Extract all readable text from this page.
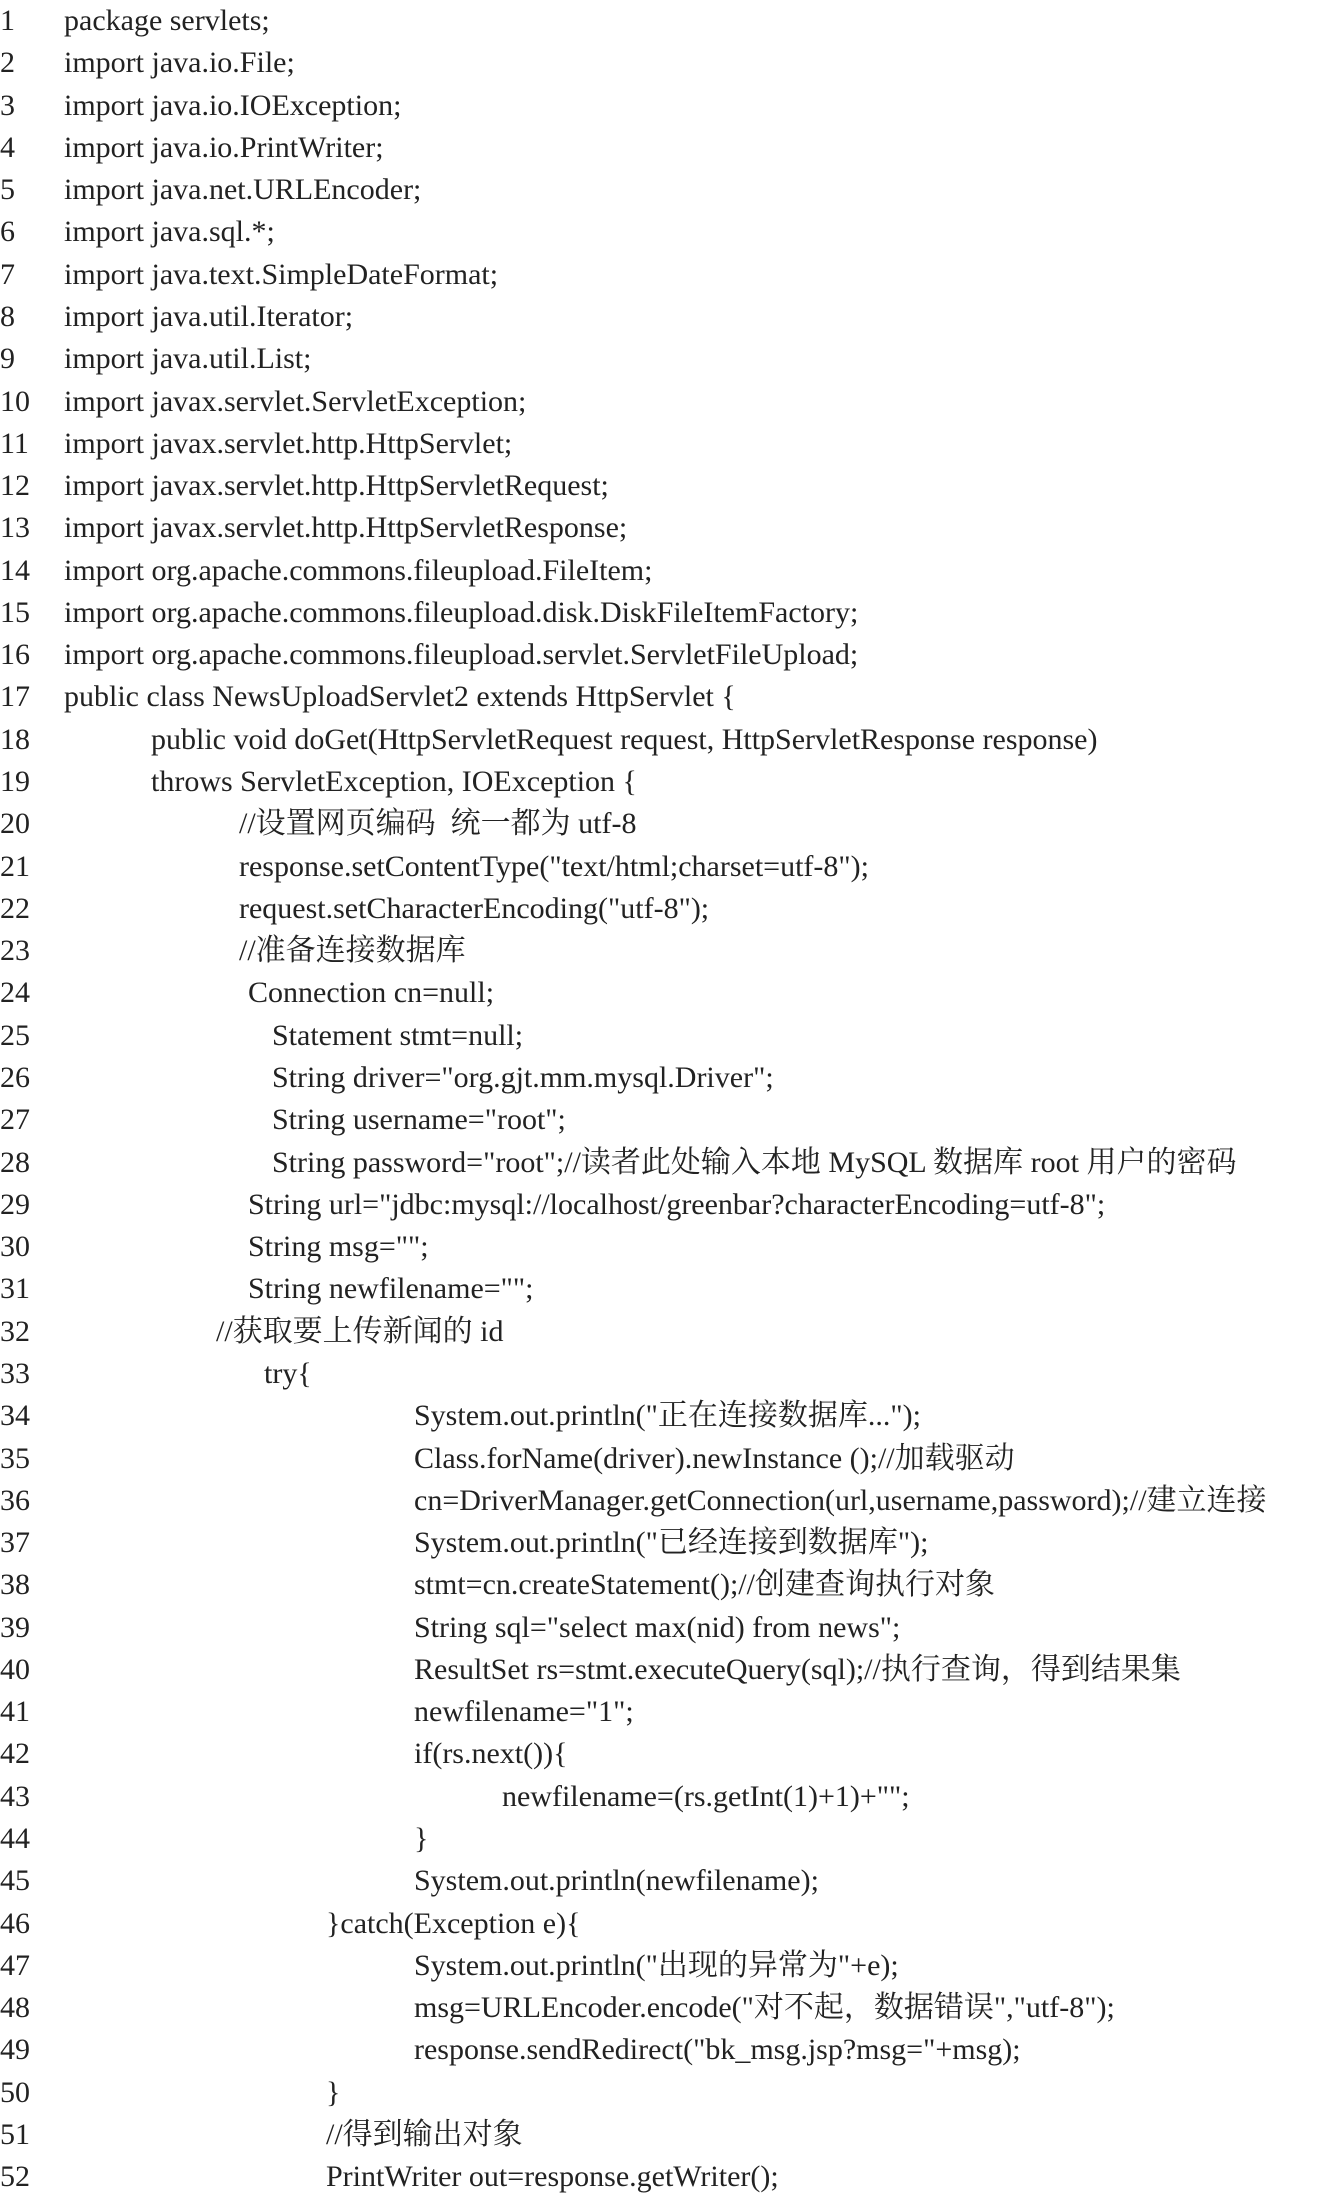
1 package servlets;
2 import java.io.File;
3 import java.io.IOException;
4 import java.io.PrintWriter;
5 import java.net.URLEncoder;
6 import java.sql.*;
7 import java.text.SimpleDateFormat;
8 import java.util.Iterator;
9 import java.util.List;
10 import javax.servlet.ServletException;
11 import javax.servlet.http.HttpServlet;
12 import javax.servlet.http.HttpServletRequest;
13 import javax.servlet.http.HttpServletResponse;
14 import org.apache.commons.fileupload.FileItem;
15 import org.apache.commons.fileupload.disk.DiskFileItemFactory;
16 import org.apache.commons.fileupload.servlet.ServletFileUpload;
17 public class NewsUploadServlet2 extends HttpServlet {
18	public void doGet(HttpServletRequest request, HttpServletResponse response)
19	throws ServletException, IOException {
20	//设置网页编码  统一都为 utf-8
21	response.setContentType("text/html;charset=utf-8");
22	request.setCharacterEncoding("utf-8");
23	//准备连接数据库
24	Connection cn=null;
25	Statement stmt=null;
26	String driver="org.gjt.mm.mysql.Driver";
27	String username="root";
28	String password="root";//读者此处输入本地 MySQL 数据库 root 用户的密码
29	String url="jdbc:mysql://localhost/greenbar?characterEncoding=utf-8";
30	String msg="";
31	String newfilename="";
32	//获取要上传新闻的 id
33	try{
34	System.out.println("正在连接数据库...");
35	Class.forName(driver).newInstance ();//加载驱动
36	cn=DriverManager.getConnection(url,username,password);//建立连接
37	System.out.println("已经连接到数据库");
38	stmt=cn.createStatement();//创建查询执行对象
39	String sql="select max(nid) from news";
40	ResultSet rs=stmt.executeQuery(sql);//执行查询，得到结果集
41	newfilename="1";
42	if(rs.next()){
43	newfilename=(rs.getInt(1)+1)+"";
44	}
45	System.out.println(newfilename);
46	}catch(Exception e){
47	System.out.println("出现的异常为"+e);
48	msg=URLEncoder.encode("对不起，数据错误","utf-8");
49	response.sendRedirect("bk_msg.jsp?msg="+msg);
50	}
51	//得到输出对象
52	PrintWriter out=response.getWriter();
